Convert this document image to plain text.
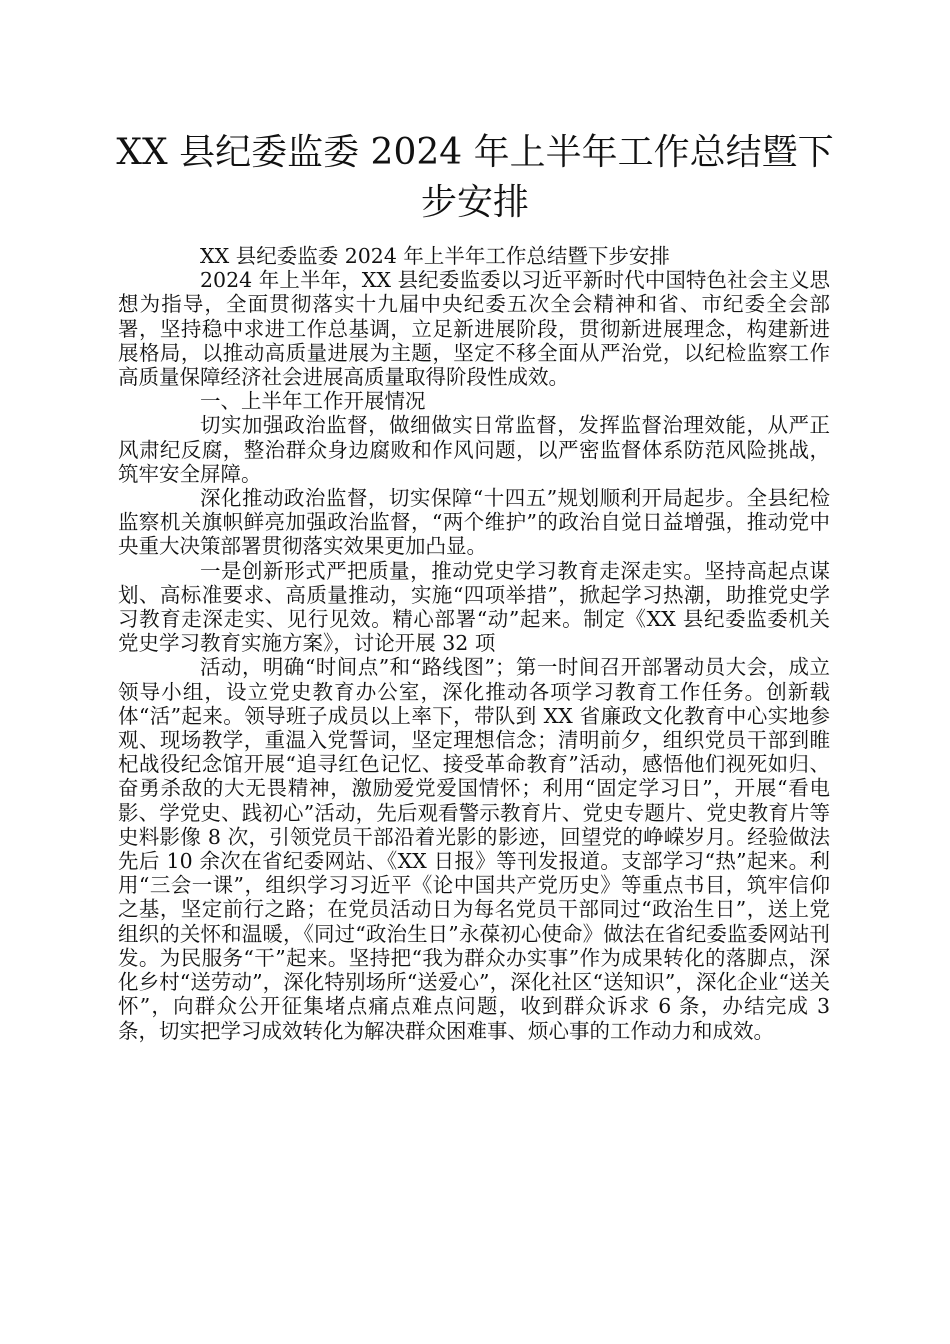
XX 县纪委监委 2024 年上半年工作总结暨下步安排

XX 县纪委监委 2024 年上半年工作总结暨下步安排

2024 年上半年，XX 县纪委监委以习近平新时代中国特色社会主义思想为指导，全面贯彻落实十九届中央纪委五次全会精神和省、市纪委全会部署，坚持稳中求进工作总基调，立足新进展阶段，贯彻新进展理念，构建新进展格局，以推动高质量进展为主题，坚定不移全面从严治党，以纪检监察工作高质量保障经济社会进展高质量取得阶段性成效。

一、上半年工作开展情况

切实加强政治监督，做细做实日常监督，发挥监督治理效能，从严正风肃纪反腐，整治群众身边腐败和作风问题，以严密监督体系防范风险挑战，筑牢安全屏障。

深化推动政治监督，切实保障“十四五”规划顺利开局起步。全县纪检监察机关旗帜鲜亮加强政治监督，“两个维护”的政治自觉日益增强，推动党中央重大决策部署贯彻落实效果更加凸显。

一是创新形式严把质量，推动党史学习教育走深走实。坚持高起点谋划、高标准要求、高质量推动，实施“四项举措”，掀起学习热潮，助推党史学习教育走深走实、见行见效。精心部署“动”起来。制定《XX 县纪委监委机关党史学习教育实施方案》，讨论开展 32 项

活动，明确“时间点”和“路线图”；第一时间召开部署动员大会，成立领导小组，设立党史教育办公室，深化推动各项学习教育工作任务。创新载体“活”起来。领导班子成员以上率下，带队到 XX 省廉政文化教育中心实地参观、现场教学，重温入党誓词，坚定理想信念；清明前夕，组织党员干部到睢杞战役纪念馆开展“追寻红色记忆、接受革命教育”活动，感悟他们视死如归、奋勇杀敌的大无畏精神，激励爱党爱国情怀；利用“固定学习日”，开展“看电影、学党史、践初心”活动，先后观看警示教育片、党史专题片、党史教育片等史料影像 8 次，引领党员干部沿着光影的影迹，回望党的峥嵘岁月。经验做法先后 10 余次在省纪委网站、《XX 日报》等刊发报道。支部学习“热”起来。利用“三会一课”，组织学习习近平《论中国共产党历史》等重点书目，筑牢信仰之基，坚定前行之路；在党员活动日为每名党员干部同过“政治生日”，送上党组织的关怀和温暖，《同过“政治生日”永葆初心使命》做法在省纪委监委网站刊发。为民服务“干”起来。坚持把“我为群众办实事”作为成果转化的落脚点，深化乡村“送劳动”，深化特别场所“送爱心”，深化社区“送知识”，深化企业“送关怀”，向群众公开征集堵点痛点难点问题，收到群众诉求 6 条，办结完成 3 条，切实把学习成效转化为解决群众困难事、烦心事的工作动力和成效。
